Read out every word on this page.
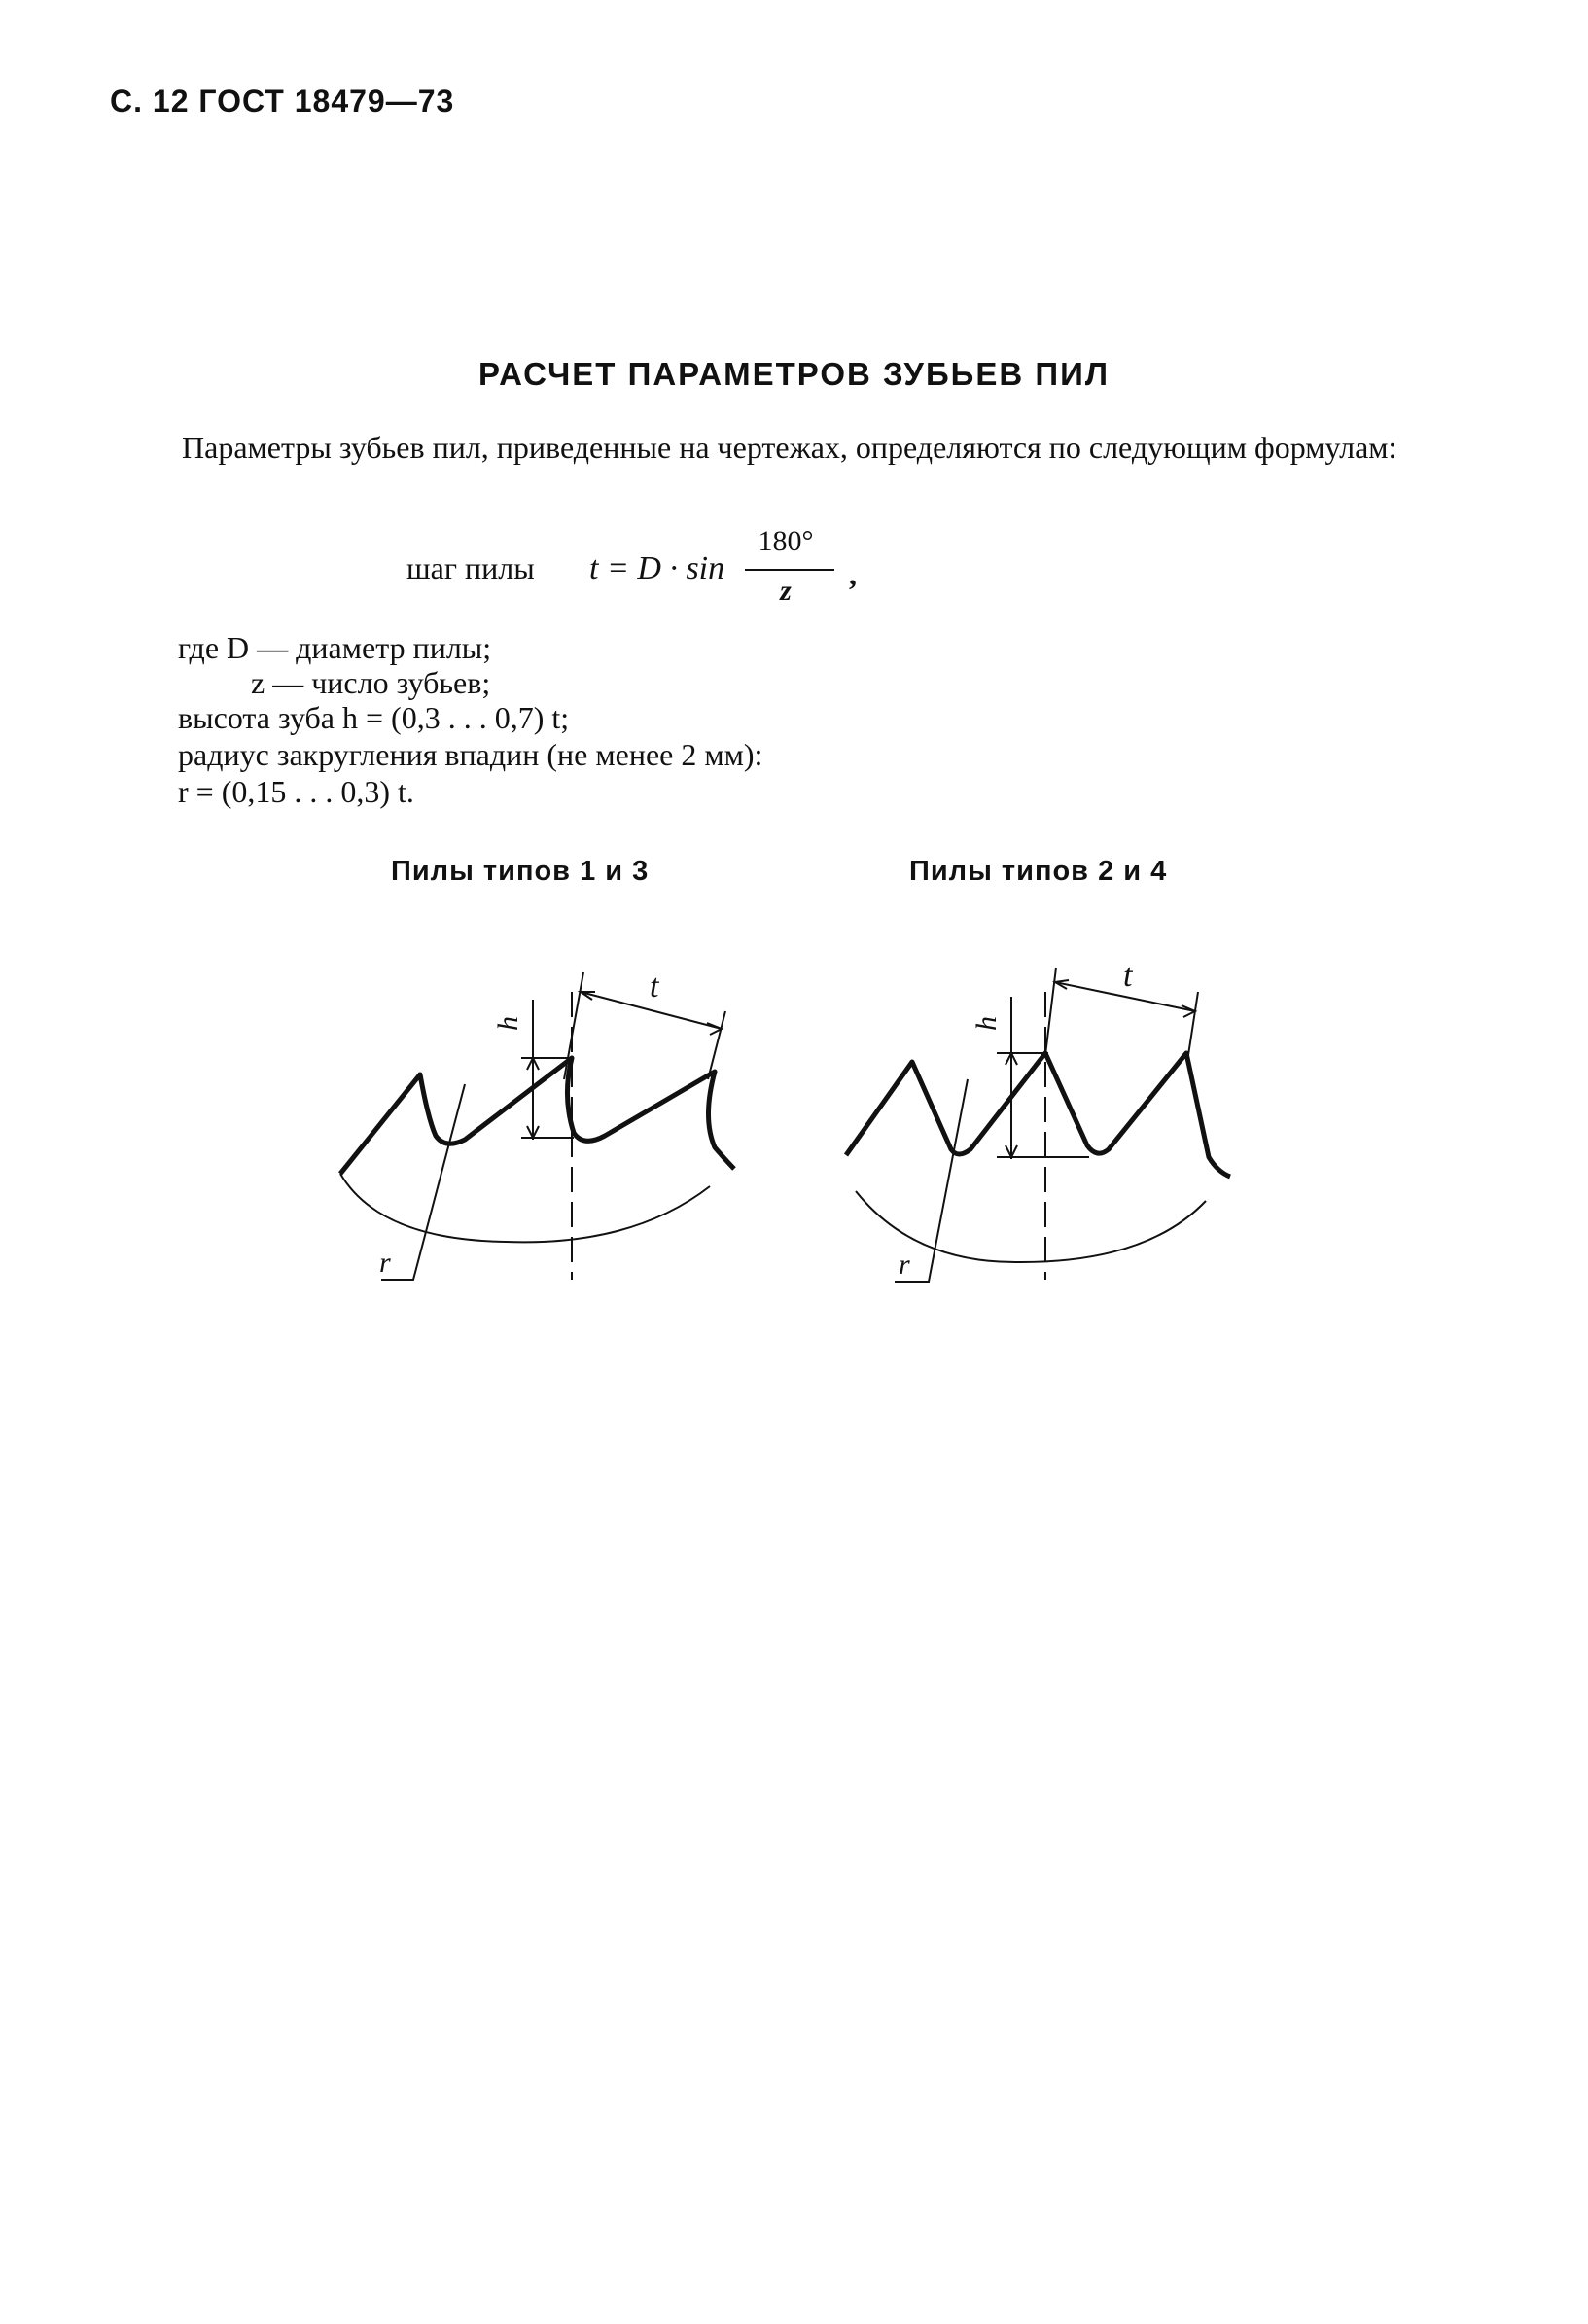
С. 12 ГОСТ 18479—73
РАСЧЕТ ПАРАМЕТРОВ ЗУБЬЕВ ПИЛ
Параметры зубьев пил, приведенные на чертежах, определяются по следующим формулам:
шаг пилы t = D · sin
180°
z	,
где D — диаметр пилы;
z — число зубьев;
высота зуба h = (0,3 . . . 0,7) t;
радиус закругления впадин (не менее 2 мм):
r = (0,15 . . . 0,3) t.
Пилы типов 1 и 3	Пилы типов 2 и 4
h
t
r
h
t
r
